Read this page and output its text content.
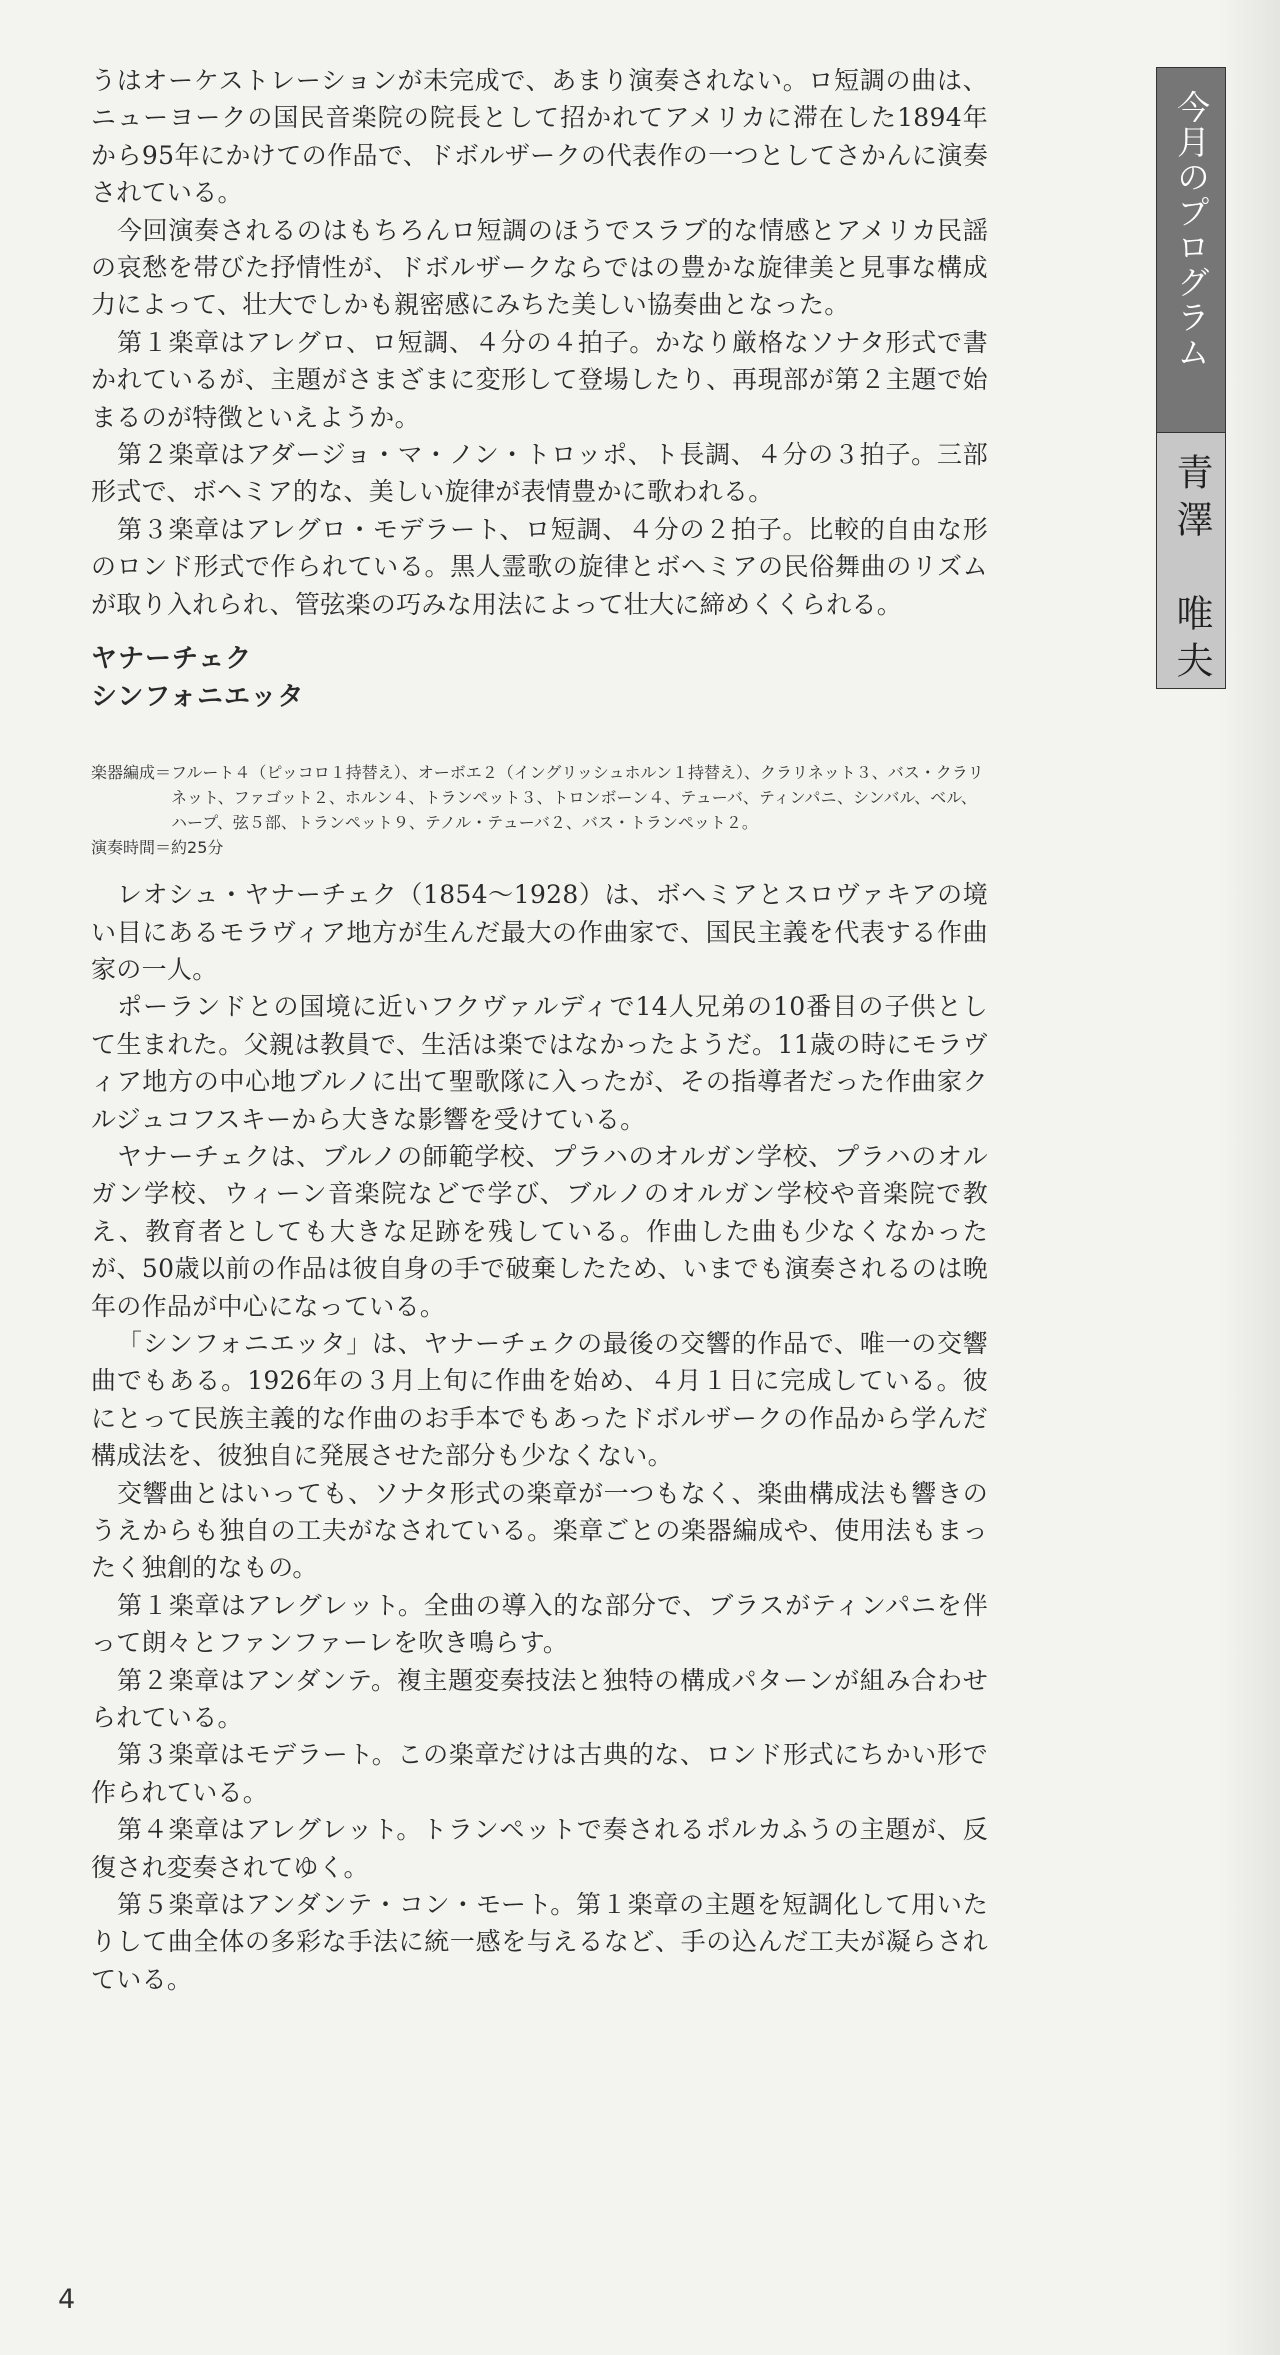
うはオーケストレーションが未完成で、あまり演奏されない。ロ短調の曲は、ニューヨークの国民音楽院の院長として招かれてアメリカに滞在した1894年から95年にかけての作品で、ドボルザークの代表作の一つとしてさかんに演奏されている。

今回演奏されるのはもちろんロ短調のほうでスラブ的な情感とアメリカ民謡の哀愁を帯びた抒情性が、ドボルザークならではの豊かな旋律美と見事な構成力によって、壮大でしかも親密感にみちた美しい協奏曲となった。

第１楽章はアレグロ、ロ短調、４分の４拍子。かなり厳格なソナタ形式で書かれているが、主題がさまざまに変形して登場したり、再現部が第２主題で始まるのが特徴といえようか。

第２楽章はアダージョ・マ・ノン・トロッポ、ト長調、４分の３拍子。三部形式で、ボヘミア的な、美しい旋律が表情豊かに歌われる。

第３楽章はアレグロ・モデラート、ロ短調、４分の２拍子。比較的自由な形のロンド形式で作られている。黒人霊歌の旋律とボヘミアの民俗舞曲のリズムが取り入れられ、管弦楽の巧みな用法によって壮大に締めくくられる。

ヤナーチェク
シンフォニエッタ
楽器編成＝ フルート４（ピッコロ１持替え）、オーボエ２（イングリッシュホルン１持替え）、クラリネット３、バス・クラリネット、ファゴット２、ホルン４、トランペット３、トロンボーン４、テューバ、ティンパニ、シンバル、ベル、ハープ、弦５部、トランペット９、テノル・テューバ２、バス・トランペット２。
演奏時間＝ 約25分

レオシュ・ヤナーチェク（1854〜1928）は、ボヘミアとスロヴァキアの境い目にあるモラヴィア地方が生んだ最大の作曲家で、国民主義を代表する作曲家の一人。

ポーランドとの国境に近いフクヴァルディで14人兄弟の10番目の子供として生まれた。父親は教員で、生活は楽ではなかったようだ。11歳の時にモラヴィア地方の中心地ブルノに出て聖歌隊に入ったが、その指導者だった作曲家クルジュコフスキーから大きな影響を受けている。

ヤナーチェクは、ブルノの師範学校、プラハのオルガン学校、プラハのオルガン学校、ウィーン音楽院などで学び、ブルノのオルガン学校や音楽院で教え、教育者としても大きな足跡を残している。作曲した曲も少なくなかったが、50歳以前の作品は彼自身の手で破棄したため、いまでも演奏されるのは晩年の作品が中心になっている。

「シンフォニエッタ」は、ヤナーチェクの最後の交響的作品で、唯一の交響曲でもある。1926年の３月上旬に作曲を始め、４月１日に完成している。彼にとって民族主義的な作曲のお手本でもあったドボルザークの作品から学んだ構成法を、彼独自に発展させた部分も少なくない。

交響曲とはいっても、ソナタ形式の楽章が一つもなく、楽曲構成法も響きのうえからも独自の工夫がなされている。楽章ごとの楽器編成や、使用法もまったく独創的なもの。

第１楽章はアレグレット。全曲の導入的な部分で、ブラスがティンパニを伴って朗々とファンファーレを吹き鳴らす。

第２楽章はアンダンテ。複主題変奏技法と独特の構成パターンが組み合わせられている。

第３楽章はモデラート。この楽章だけは古典的な、ロンド形式にちかい形で作られている。

第４楽章はアレグレット。トランペットで奏されるポルカふうの主題が、反復され変奏されてゆく。

第５楽章はアンダンテ・コン・モート。第１楽章の主題を短調化して用いたりして曲全体の多彩な手法に統一感を与えるなど、手の込んだ工夫が凝らされている。

今月のプログラム
青澤　唯夫
4
